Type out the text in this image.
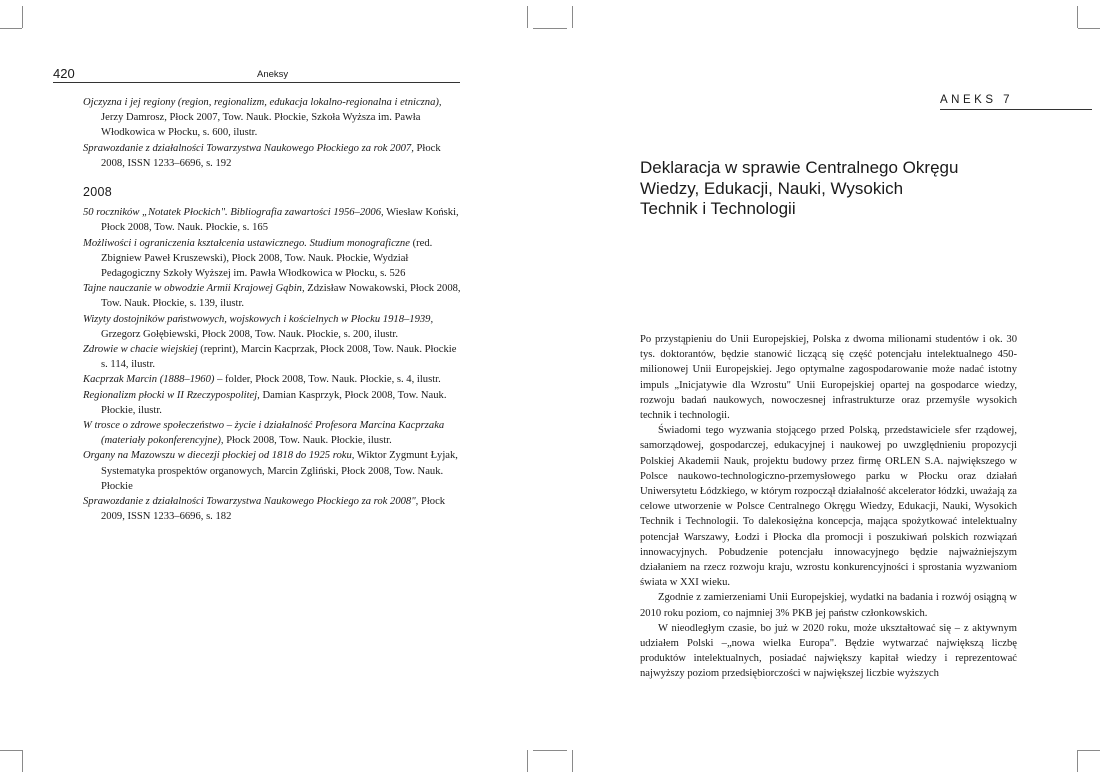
420	Aneksy

Ojczyzna i jej regiony (region, regionalizm, edukacja lokalno-regionalna i etniczna), Jerzy Damrosz, Płock 2007, Tow. Nauk. Płockie, Szkoła Wyższa im. Pawła Włodkowica w Płocku, s. 600, ilustr.

Sprawozdanie z działalności Towarzystwa Naukowego Płockiego za rok 2007, Płock 2008, ISSN 1233–6696, s. 192

2008

50 roczników „Notatek Płockich". Bibliografia zawartości 1956–2006, Wiesław Koński, Płock 2008, Tow. Nauk. Płockie, s. 165

Możliwości i ograniczenia kształcenia ustawicznego. Studium monograficzne (red. Zbigniew Paweł Kruszewski), Płock 2008, Tow. Nauk. Płockie, Wydział Pedagogiczny Szkoły Wyższej im. Pawła Włodkowica w Płocku, s. 526

Tajne nauczanie w obwodzie Armii Krajowej Gąbin, Zdzisław Nowakowski, Płock 2008, Tow. Nauk. Płockie, s. 139, ilustr.

Wizyty dostojników państwowych, wojskowych i kościelnych w Płocku 1918–1939, Grzegorz Gołębiewski, Płock 2008, Tow. Nauk. Płockie, s. 200, ilustr.

Zdrowie w chacie wiejskiej (reprint), Marcin Kacprzak, Płock 2008, Tow. Nauk. Płockie s. 114, ilustr.

Kacprzak Marcin (1888–1960) – folder, Płock 2008, Tow. Nauk. Płockie, s. 4, ilustr.

Regionalizm płocki w II Rzeczypospolitej, Damian Kasprzyk, Płock 2008, Tow. Nauk. Płockie, ilustr.

W trosce o zdrowe społeczeństwo – życie i działalność Profesora Marcina Kacprzaka (materiały pokonferencyjne), Płock 2008, Tow. Nauk. Płockie, ilustr.

Organy na Mazowszu w diecezji płockiej od 1818 do 1925 roku, Wiktor Zygmunt Łyjak, Systematyka prospektów organowych, Marcin Zgliński, Płock 2008, Tow. Nauk. Płockie

Sprawozdanie z działalności Towarzystwa Naukowego Płockiego za rok 2008", Płock 2009, ISSN 1233–6696, s. 182

ANEKS 7
Deklaracja w sprawie Centralnego Okręgu Wiedzy, Edukacji, Nauki, Wysokich Technik i Technologii

Po przystąpieniu do Unii Europejskiej, Polska z dwoma milionami studentów i ok. 30 tys. doktorantów, będzie stanowić liczącą się część potencjału intelektualnego 450-milionowej Unii Europejskiej. Jego optymalne zagospodarowanie może nadać istotny impuls „Inicjatywie dla Wzrostu" Unii Europejskiej opartej na gospodarce wiedzy, rozwoju badań naukowych, nowoczesnej infrastrukturze oraz przemyśle wysokich technik i technologii.

Świadomi tego wyzwania stojącego przed Polską, przedstawiciele sfer rządowej, samorządowej, gospodarczej, edukacyjnej i naukowej po uwzględnieniu propozycji Polskiej Akademii Nauk, projektu budowy przez firmę ORLEN S.A. największego w Polsce naukowo-technologiczno-przemysłowego parku w Płocku oraz działań Uniwersytetu Łódzkiego, w którym rozpoczął działalność akcelerator łódzki, uważają za celowe utworzenie w Polsce Centralnego Okręgu Wiedzy, Edukacji, Nauki, Wysokich Technik i Technologii. To dalekosiężna koncepcja, mająca spożytkować intelektualny potencjał Warszawy, Łodzi i Płocka dla promocji i poszukiwań polskich rozwiązań innowacyjnych. Pobudzenie potencjału innowacyjnego będzie najważniejszym działaniem na rzecz rozwoju kraju, wzrostu konkurencyjności i sprostania wyzwaniom świata w XXI wieku.

Zgodnie z zamierzeniami Unii Europejskiej, wydatki na badania i rozwój osiągną w 2010 roku poziom, co najmniej 3% PKB jej państw członkowskich.

W nieodległym czasie, bo już w 2020 roku, może ukształtować się – z aktywnym udziałem Polski –„nowa wielka Europa". Będzie wytwarzać największą liczbę produktów intelektualnych, posiadać największy kapitał wiedzy i reprezentować najwyższy poziom przedsiębiorczości w największej liczbie wyższych
